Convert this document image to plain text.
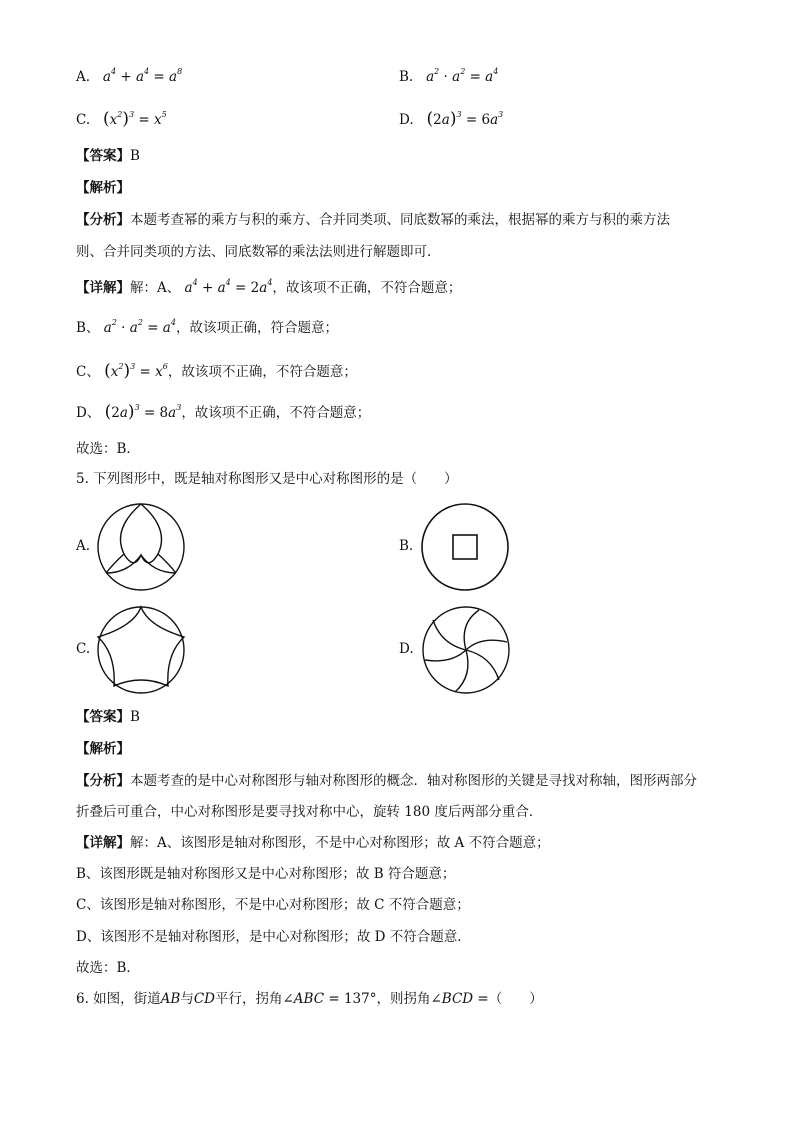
A.   $a^4 + a^4 = a^8$	B.   $a^2 \cdot a^2 = a^4$
C. $(x^2)^3 = x^5$	D. $(2a)^3 = 6a^3$
【答案】B
【解析】
【分析】本题考查幂的乘方与积的乘方、合并同类项、同底数幂的乘法，根据幂的乘方与积的乘方法
则、合并同类项的方法、同底数幂的乘法法则进行解题即可．
【详解】解：A、 $a^4 + a^4 = 2a^4$，故该项不正确，不符合题意；
B、 $a^2 \cdot a^2 = a^4$，故该项正确，符合题意；
C、 $(x^2)^3 = x^6$，故该项不正确，不符合题意；
D、 $(2a)^3 = 8a^3$，故该项不正确，不符合题意；
故选：B．
5. 下列图形中，既是轴对称图形又是中心对称图形的是（　　）
A.	B.
C.	D.
【答案】B
【解析】
【分析】本题考查的是中心对称图形与轴对称图形的概念．轴对称图形的关键是寻找对称轴，图形两部分
折叠后可重合，中心对称图形是要寻找对称中心，旋转 180 度后两部分重合．
【详解】解：A、该图形是轴对称图形，不是中心对称图形；故 A 不符合题意；
B、该图形既是轴对称图形又是中心对称图形；故 B 符合题意；
C、该图形是轴对称图形，不是中心对称图形；故 C 不符合题意；
D、该图形不是轴对称图形，是中心对称图形；故 D 不符合题意．
故选：B．
6. 如图，街道AB与CD平行，拐角∠ABC = 137°，则拐角∠BCD =（　　）
